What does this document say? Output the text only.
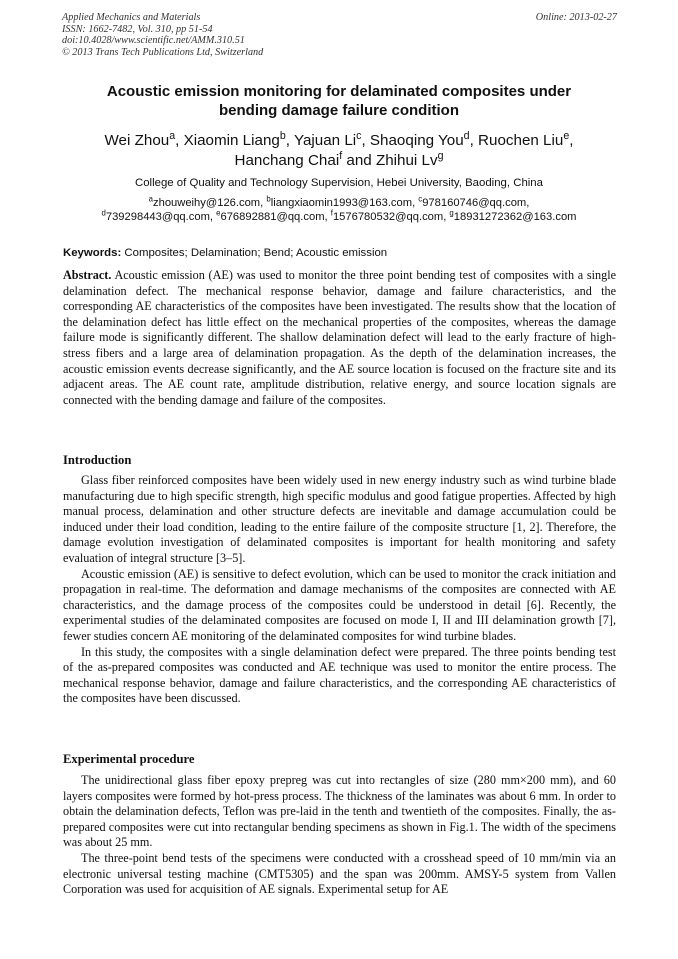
Applied Mechanics and Materials
ISSN: 1662-7482, Vol. 310, pp 51-54
doi:10.4028/www.scientific.net/AMM.310.51
© 2013 Trans Tech Publications Ltd, Switzerland
Online: 2013-02-27
Acoustic emission monitoring for delaminated composites under
bending damage failure condition
Wei Zhou$^a$, Xiaomin Liang$^b$, Yajuan Li$^c$, Shaoqing You$^d$, Ruochen Liu$^e$,
Hanchang Chai$^f$ and Zhihui Lv$^g$
College of Quality and Technology Supervision, Hebei University, Baoding, China
$^a$zhouweihy@126.com, $^b$liangxiaomin1993@163.com, $^c$978160746@qq.com,
$^d$739298443@qq.com, $^e$676892881@qq.com, $^f$1576780532@qq.com, $^g$18931272362@163.com
Keywords: Composites; Delamination; Bend; Acoustic emission

Abstract. Acoustic emission (AE) was used to monitor the three point bending test of composites with a single delamination defect. The mechanical response behavior, damage and failure characteristics, and the corresponding AE characteristics of the composites have been investigated. The results show that the location of the delamination defect has little effect on the mechanical properties of the composites, whereas the damage failure mode is significantly different. The shallow delamination defect will lead to the early fracture of high-stress fibers and a large area of delamination propagation. As the depth of the delamination increases, the acoustic emission events decrease significantly, and the AE source location is focused on the fracture site and its adjacent areas. The AE count rate, amplitude distribution, relative energy, and source location signals are connected with the bending damage and failure of the composites.

Introduction

Glass fiber reinforced composites have been widely used in new energy industry such as wind turbine blade manufacturing due to high specific strength, high specific modulus and good fatigue properties. Affected by high manual process, delamination and other structure defects are inevitable and damage accumulation could be induced under their load condition, leading to the entire failure of the composite structure [1, 2]. Therefore, the damage evolution investigation of delaminated composites is important for health monitoring and safety evaluation of integral structure [3–5].

Acoustic emission (AE) is sensitive to defect evolution, which can be used to monitor the crack initiation and propagation in real-time. The deformation and damage mechanisms of the composites are connected with AE characteristics, and the damage process of the composites could be understood in detail [6]. Recently, the experimental studies of the delaminated composites are focused on mode I, II and III delamination growth [7], fewer studies concern AE monitoring of the delaminated composites for wind turbine blades.

In this study, the composites with a single delamination defect were prepared. The three points bending test of the as-prepared composites was conducted and AE technique was used to monitor the entire process. The mechanical response behavior, damage and failure characteristics, and the corresponding AE characteristics of the composites have been discussed.

Experimental procedure

The unidirectional glass fiber epoxy prepreg was cut into rectangles of size (280 mm×200 mm), and 60 layers composites were formed by hot-press process. The thickness of the laminates was about 6 mm. In order to obtain the delamination defects, Teflon was pre-laid in the tenth and twentieth of the composites. Finally, the as-prepared composites were cut into rectangular bending specimens as shown in Fig.1. The width of the specimens was about 25 mm.

The three-point bend tests of the specimens were conducted with a crosshead speed of 10 mm/min via an electronic universal testing machine (CMT5305) and the span was 200mm. AMSY-5 system from Vallen Corporation was used for acquisition of AE signals. Experimental setup for AE
